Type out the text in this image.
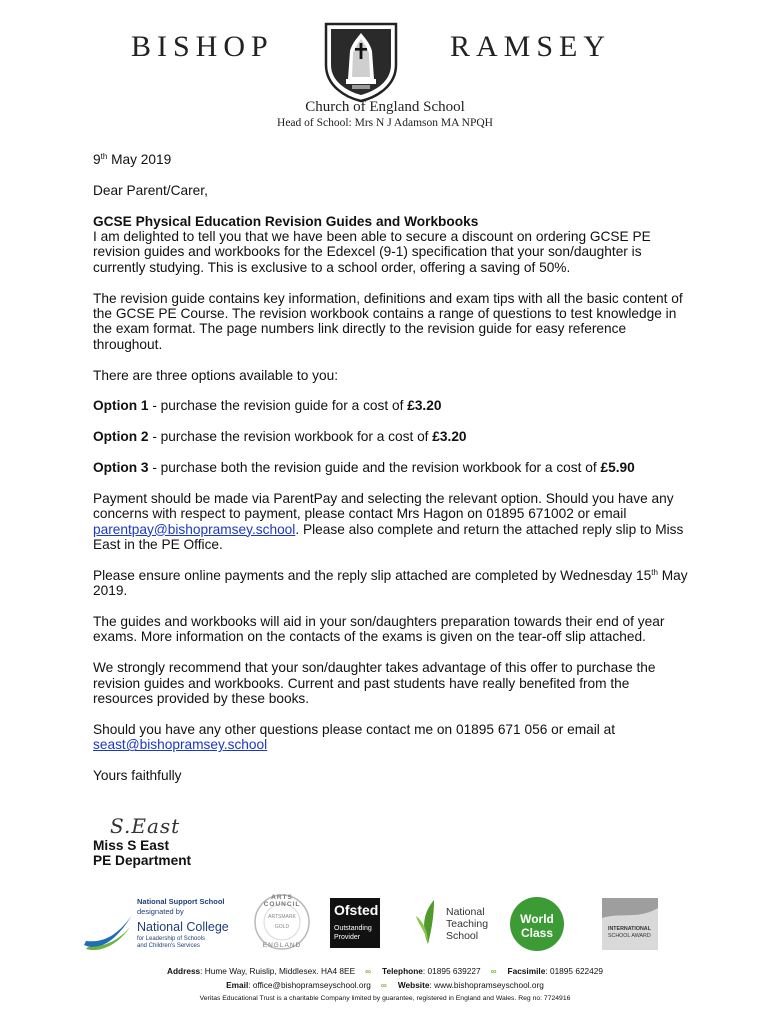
BISHOP	RAMSEY
Church of England School
Head of School: Mrs N J Adamson MA NPQH

9th May 2019

Dear Parent/Carer,

GCSE Physical Education Revision Guides and Workbooks

I am delighted to tell you that we have been able to secure a discount on ordering GCSE PE revision guides and workbooks for the Edexcel (9-1) specification that your son/daughter is currently studying. This is exclusive to a school order, offering a saving of 50%.

The revision guide contains key information, definitions and exam tips with all the basic content of the GCSE PE Course. The revision workbook contains a range of questions to test knowledge in the exam format. The page numbers link directly to the revision guide for easy reference throughout.

There are three options available to you:

Option 1 - purchase the revision guide for a cost of £3.20

Option 2 - purchase the revision workbook for a cost of £3.20

Option 3 - purchase both the revision guide and the revision workbook for a cost of £5.90

Payment should be made via ParentPay and selecting the relevant option. Should you have any concerns with respect to payment, please contact Mrs Hagon on 01895 671002 or email parentpay@bishopramsey.school. Please also complete and return the attached reply slip to Miss East in the PE Office.

Please ensure online payments and the reply slip attached are completed by Wednesday 15th May 2019.

The guides and workbooks will aid in your son/daughters preparation towards their end of year exams. More information on the contacts of the exams is given on the tear-off slip attached.

We strongly recommend that your son/daughter takes advantage of this offer to purchase the revision guides and workbooks. Current and past students have really benefited from the resources provided by these books.

Should you have any other questions please contact me on 01895 671 056 or email at seast@bishopramsey.school

Yours faithfully

S.East

Miss S East

PE Department

National Support School
designated by
National College
for Leadership of Schools
and Children's Services
ARTS COUNCIL
ARTSMARK
GOLD
ENGLAND
Ofsted
Outstanding
Provider
National
Teaching
School
World
Class	INTERNATIONAL
SCHOOL AWARD
Address: Hume Way, Ruislip, Middlesex. HA4 8EE ∞ Telephone: 01895 639227 ∞ Facsimile: 01895 622429
Email: office@bishopramseyschool.org ∞ Website: www.bishopramseyschool.org
Veritas Educational Trust is a charitable Company limited by guarantee, registered in England and Wales. Reg no: 7724916
